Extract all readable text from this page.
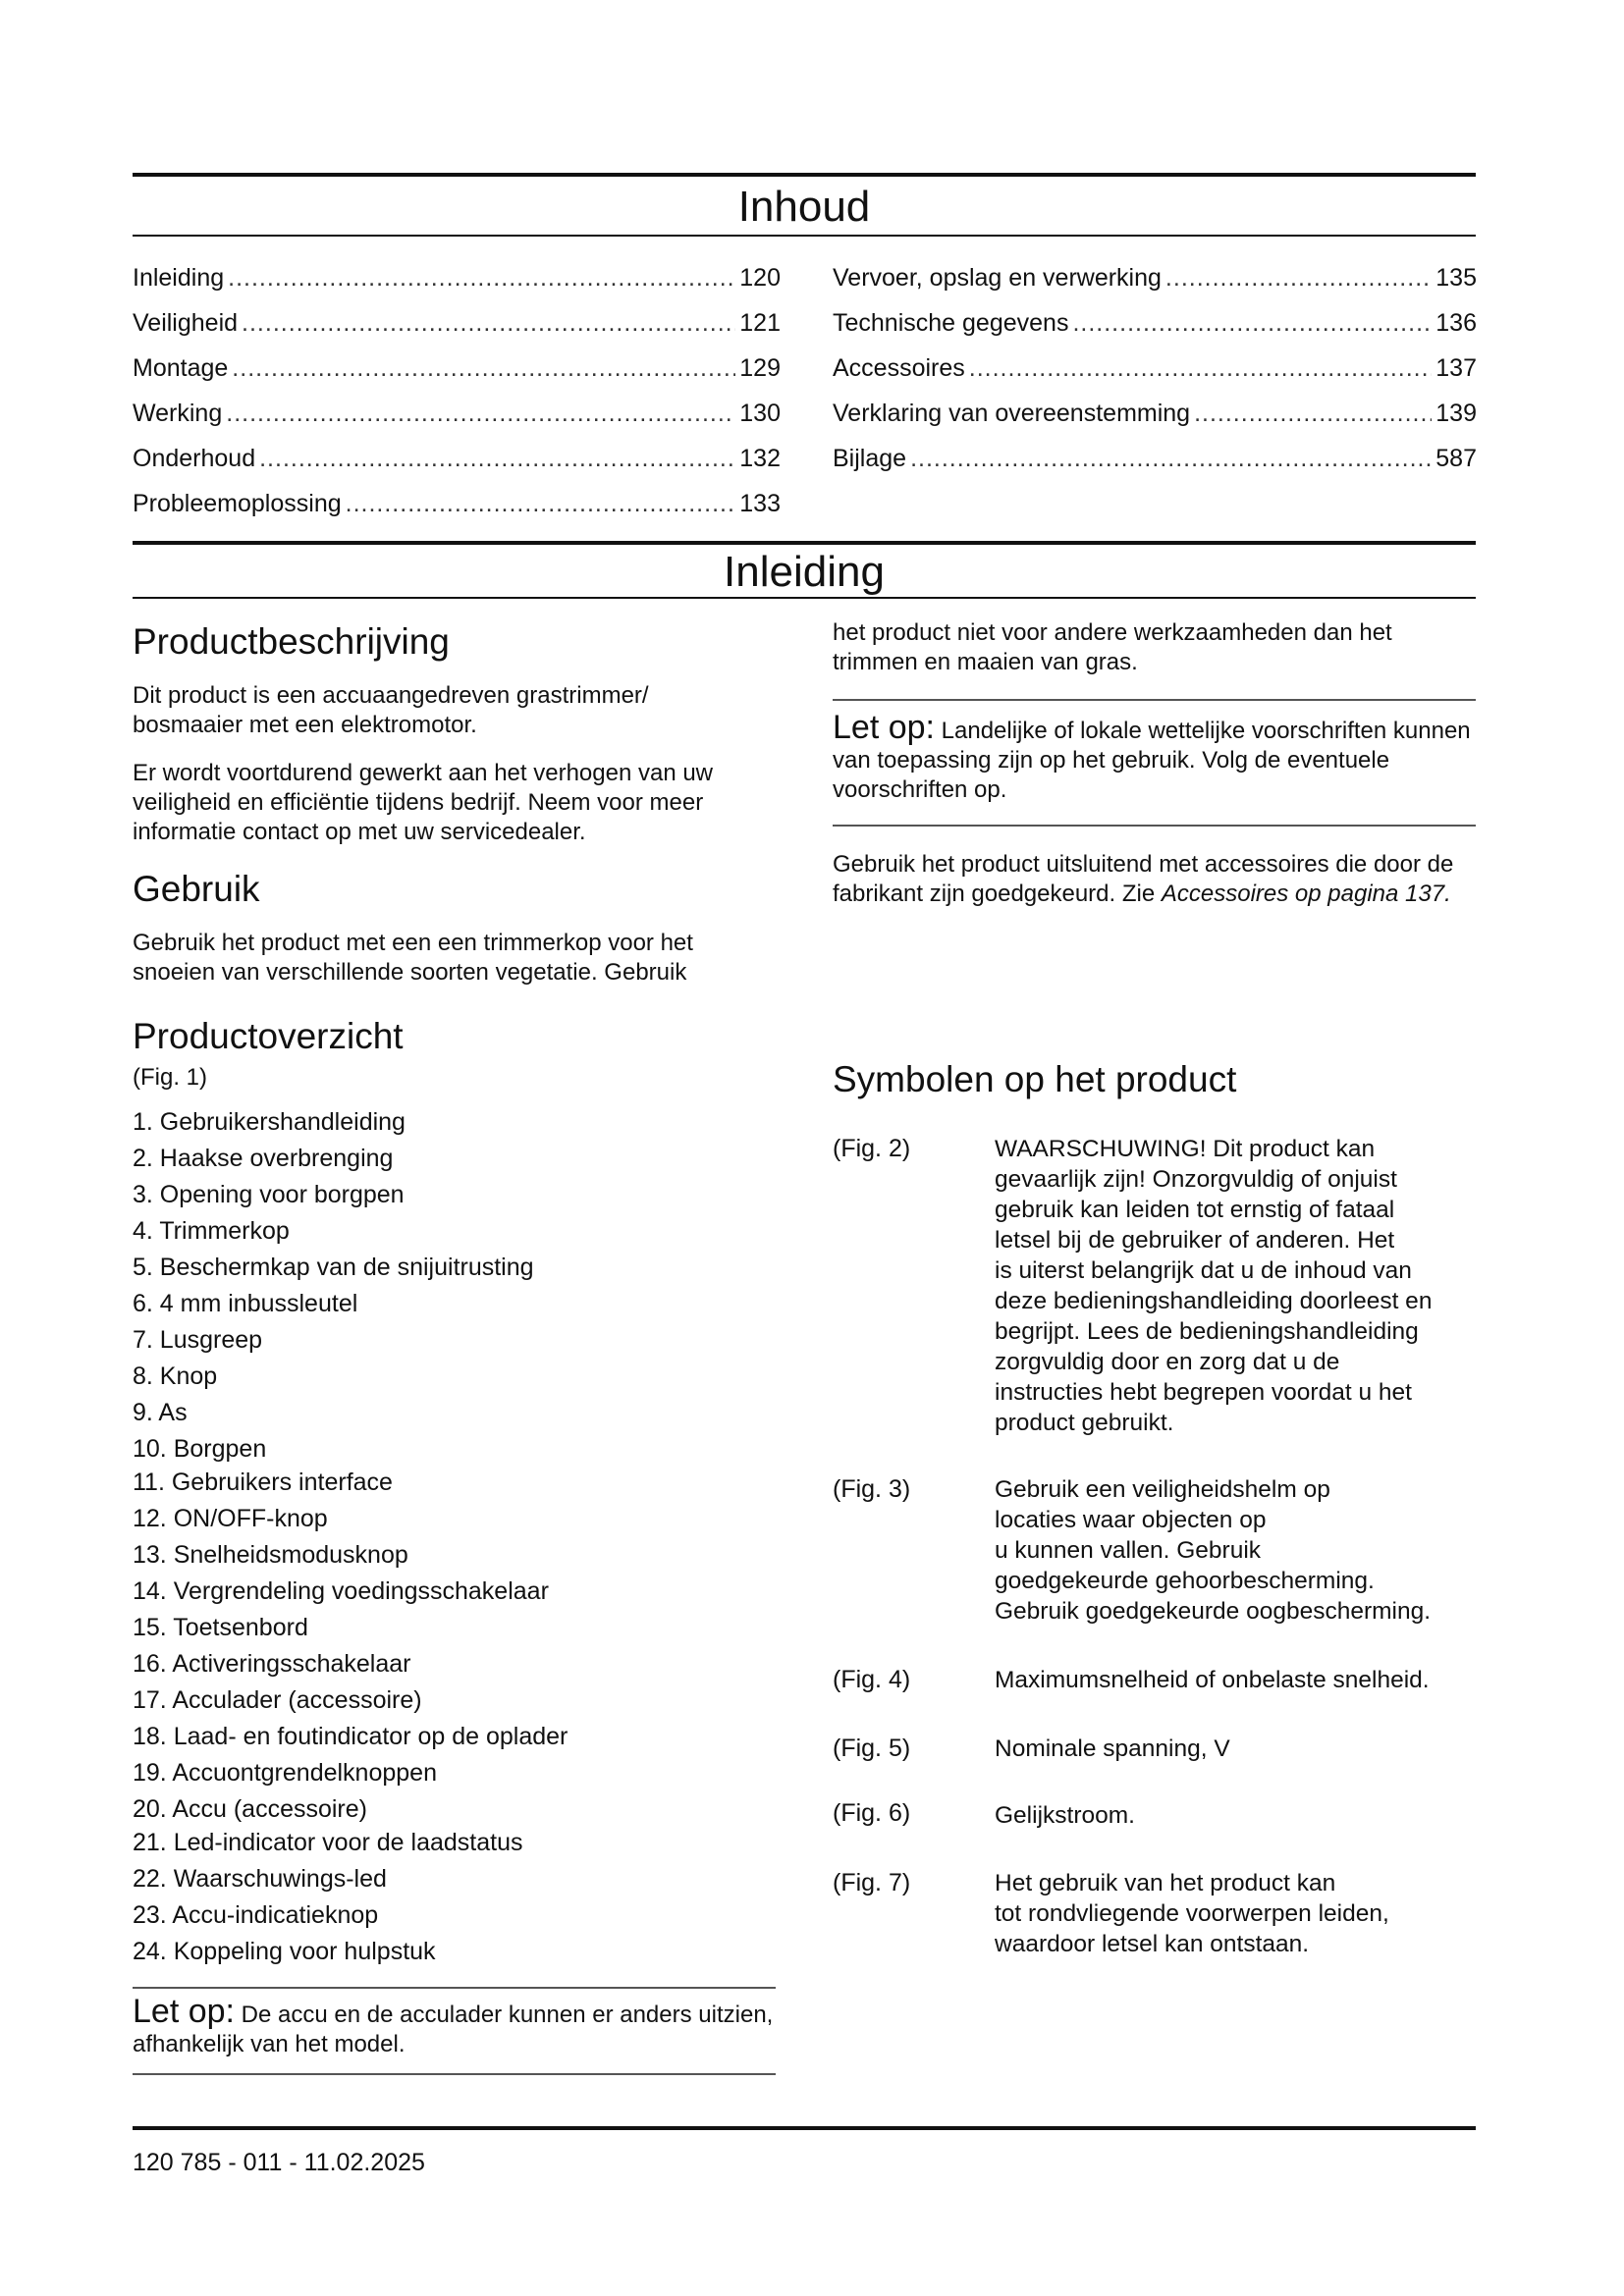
Inhoud
Inleiding .....	120
Veiligheid .....	121
Montage .....	129
Werking .....	130
Onderhoud .....	132
Probleemoplossing .....	133
Vervoer, opslag en verwerking .....	135
Technische gegevens .....	136
Accessoires .....	137
Verklaring van overeenstemming .....	139
Bijlage .....	587
Inleiding
Productbeschrijving
Dit product is een accuaangedreven grastrimmer/ bosmaaier met een elektromotor.
Er wordt voortdurend gewerkt aan het verhogen van uw veiligheid en efficiëntie tijdens bedrijf. Neem voor meer informatie contact op met uw servicedealer.
Gebruik
Gebruik het product met een een trimmerkop voor het snoeien van verschillende soorten vegetatie. Gebruik
Productoverzicht
(Fig. 1)
1. Gebruikershandleiding
2. Haakse overbrenging
3. Opening voor borgpen
4. Trimmerkop
5. Beschermkap van de snijuitrusting
6. 4 mm inbussleutel
7. Lusgreep
8. Knop
9. As
10. Borgpen
11. Gebruikers interface
12. ON/OFF-knop
13. Snelheidsmodusknop
14. Vergrendeling voedingsschakelaar
15. Toetsenbord
16. Activeringsschakelaar
17. Acculader (accessoire)
18. Laad- en foutindicator op de oplader
19. Accuontgrendelknoppen
20. Accu (accessoire)
21. Led-indicator voor de laadstatus
22. Waarschuwings-led
23. Accu-indicatieknop
24. Koppeling voor hulpstuk
Let op: De accu en de acculader kunnen er anders uitzien, afhankelijk van het model.
het product niet voor andere werkzaamheden dan het trimmen en maaien van gras.
Let op: Landelijke of lokale wettelijke voorschriften kunnen van toepassing zijn op het gebruik. Volg de eventuele voorschriften op.
Gebruik het product uitsluitend met accessoires die door de fabrikant zijn goedgekeurd. Zie Accessoires op pagina 137.
Symbolen op het product
(Fig. 2)	WAARSCHUWING! Dit product kan
gevaarlijk zijn! Onzorgvuldig of onjuist
gebruik kan leiden tot ernstig of fataal
letsel bij de gebruiker of anderen. Het
is uiterst belangrijk dat u de inhoud van
deze bedieningshandleiding doorleest en
begrijpt. Lees de bedieningshandleiding
zorgvuldig door en zorg dat u de
instructies hebt begrepen voordat u het
product gebruikt.
(Fig. 3)	Gebruik een veiligheidshelm op
locaties waar objecten op
u kunnen vallen. Gebruik
goedgekeurde gehoorbescherming.
Gebruik goedgekeurde oogbescherming.
(Fig. 4)	Maximumsnelheid of onbelaste snelheid.
(Fig. 5)	Nominale spanning, V
(Fig. 6)	Gelijkstroom.
(Fig. 7)	Het gebruik van het product kan
tot rondvliegende voorwerpen leiden,
waardoor letsel kan ontstaan.
120 785 - 011 - 11.02.2025
